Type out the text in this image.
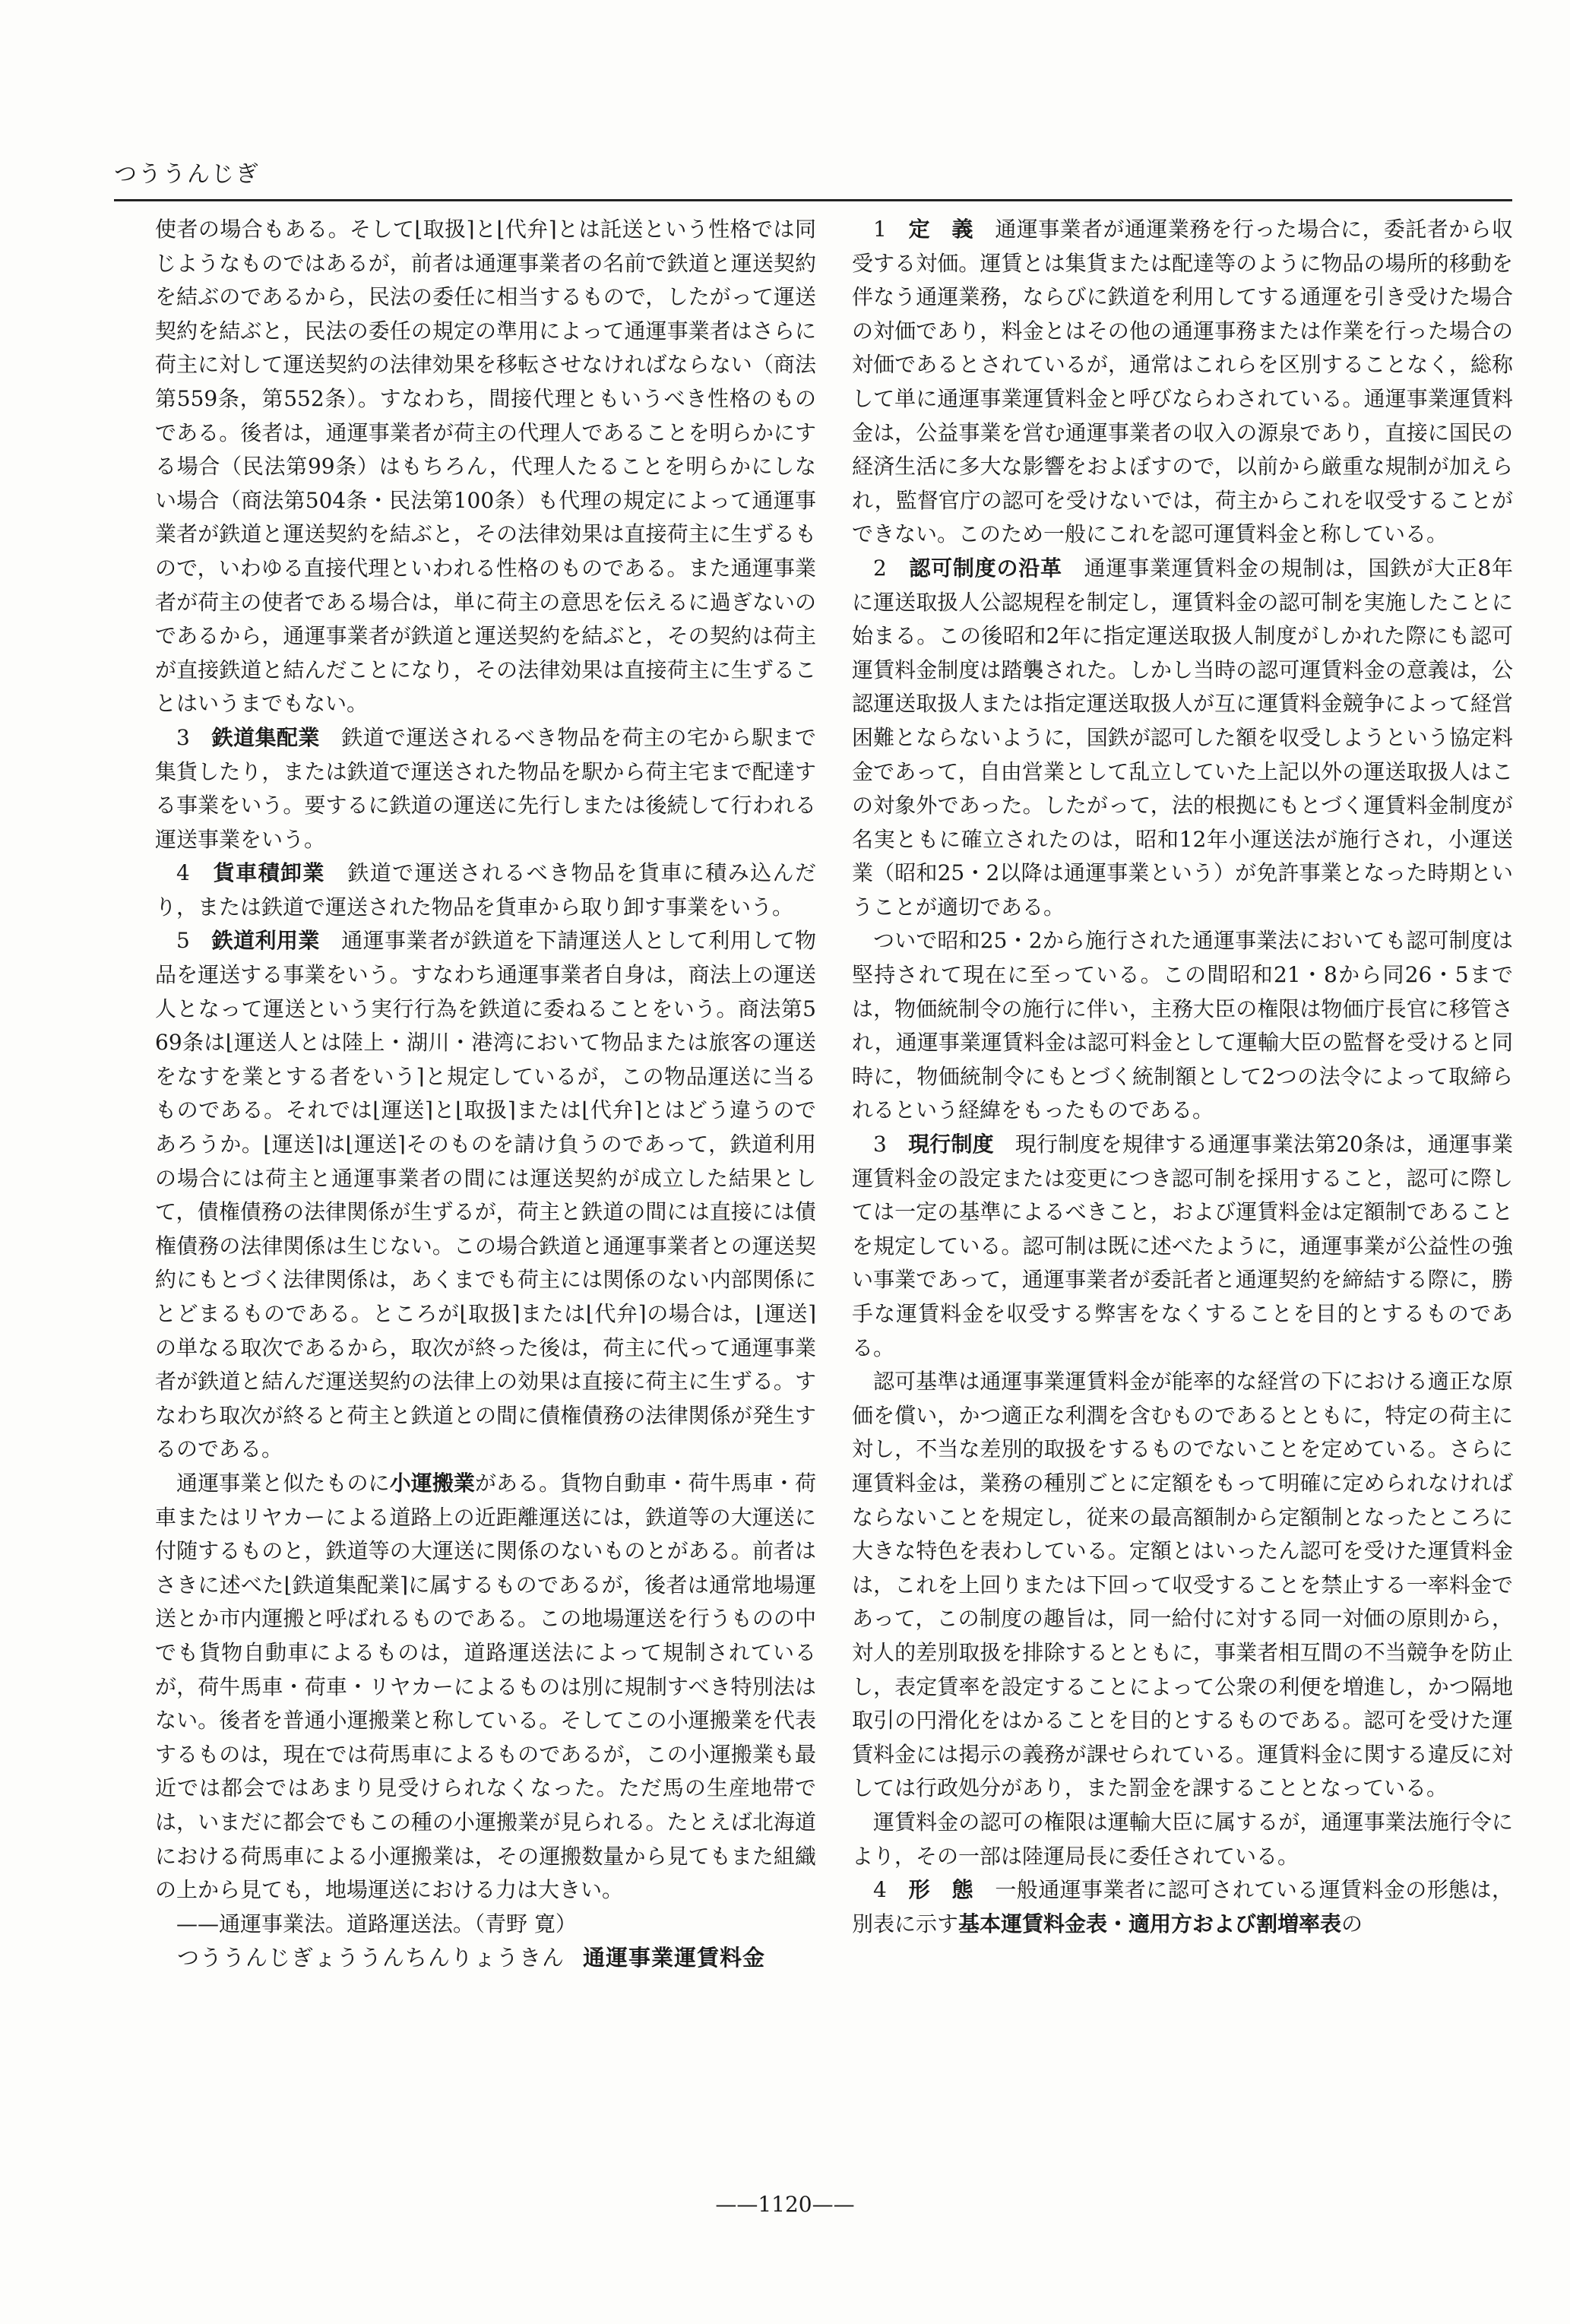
つううんじぎ

使者の場合もある。そして⌊取扱⌉と⌊代弁⌉とは託送という性格では同じようなものではあるが，前者は通運事業者の名前で鉄道と運送契約を結ぶのであるから，民法の委任に相当するもので，したがって運送契約を結ぶと，民法の委任の規定の準用によって通運事業者はさらに荷主に対して運送契約の法律効果を移転させなければならない（商法第559条，第552条）。すなわち，間接代理ともいうべき性格のものである。後者は，通運事業者が荷主の代理人であることを明らかにする場合（民法第99条）はもちろん，代理人たることを明らかにしない場合（商法第504条・民法第100条）も代理の規定によって通運事業者が鉄道と運送契約を結ぶと，その法律効果は直接荷主に生ずるもので，いわゆる直接代理といわれる性格のものである。また通運事業者が荷主の使者である場合は，単に荷主の意思を伝えるに過ぎないのであるから，通運事業者が鉄道と運送契約を結ぶと，その契約は荷主が直接鉄道と結んだことになり，その法律効果は直接荷主に生ずることはいうまでもない。

3　 鉄道集配業　 鉄道で運送されるべき物品を荷主の宅から駅まで集貨したり，または鉄道で運送された物品を駅から荷主宅まで配達する事業をいう。要するに鉄道の運送に先行しまたは後続して行われる運送事業をいう。

4　 貨車積卸業　 鉄道で運送されるべき物品を貨車に積み込んだり，または鉄道で運送された物品を貨車から取り卸す事業をいう。

5　 鉄道利用業　 通運事業者が鉄道を下請運送人として利用して物品を運送する事業をいう。すなわち通運事業者自身は，商法上の運送人となって運送という実行行為を鉄道に委ねることをいう。商法第569条は⌊運送人とは陸上・湖川・港湾において物品または旅客の運送をなすを業とする者をいう⌉と規定しているが，この物品運送に当るものである。それでは⌊運送⌉と⌊取扱⌉または⌊代弁⌉とはどう違うのであろうか。⌊運送⌉は⌊運送⌉そのものを請け負うのであって，鉄道利用の場合には荷主と通運事業者の間には運送契約が成立した結果として，債権債務の法律関係が生ずるが，荷主と鉄道の間には直接には債権債務の法律関係は生じない。この場合鉄道と通運事業者との運送契約にもとづく法律関係は，あくまでも荷主には関係のない内部関係にとどまるものである。ところが⌊取扱⌉または⌊代弁⌉の場合は，⌊運送⌉の単なる取次であるから，取次が終った後は，荷主に代って通運事業者が鉄道と結んだ運送契約の法律上の効果は直接に荷主に生ずる。すなわち取次が終ると荷主と鉄道との間に債権債務の法律関係が発生するのである。

通運事業と似たものに小運搬業がある。貨物自動車・荷牛馬車・荷車またはリヤカーによる道路上の近距離運送には，鉄道等の大運送に付随するものと，鉄道等の大運送に関係のないものとがある。前者はさきに述べた⌊鉄道集配業⌉に属するものであるが，後者は通常地場運送とか市内運搬と呼ばれるものである。この地場運送を行うものの中でも貨物自動車によるものは，道路運送法によって規制されているが，荷牛馬車・荷車・リヤカーによるものは別に規制すべき特別法はない。後者を普通小運搬業と称している。そしてこの小運搬業を代表するものは，現在では荷馬車によるものであるが，この小運搬業も最近では都会ではあまり見受けられなくなった。ただ馬の生産地帯では，いまだに都会でもこの種の小運搬業が見られる。たとえば北海道における荷馬車による小運搬業は，その運搬数量から見てもまた組織の上から見ても，地場運送における力は大きい。

——通運事業法。道路運送法。（青野 寛）

つううんじぎょううんちんりょうきん 通運事業運賃料金

1　 定　義　 通運事業者が通運業務を行った場合に，委託者から収受する対価。運賃とは集貨または配達等のように物品の場所的移動を伴なう通運業務，ならびに鉄道を利用してする通運を引き受けた場合の対価であり，料金とはその他の通運事務または作業を行った場合の対価であるとされているが，通常はこれらを区別することなく，総称して単に通運事業運賃料金と呼びならわされている。通運事業運賃料金は，公益事業を営む通運事業者の収入の源泉であり，直接に国民の経済生活に多大な影響をおよぼすので，以前から厳重な規制が加えられ，監督官庁の認可を受けないでは，荷主からこれを収受することができない。このため一般にこれを認可運賃料金と称している。

2　 認可制度の沿革　 通運事業運賃料金の規制は，国鉄が大正8年に運送取扱人公認規程を制定し，運賃料金の認可制を実施したことに始まる。この後昭和2年に指定運送取扱人制度がしかれた際にも認可運賃料金制度は踏襲された。しかし当時の認可運賃料金の意義は，公認運送取扱人または指定運送取扱人が互に運賃料金競争によって経営困難とならないように，国鉄が認可した額を収受しようという協定料金であって，自由営業として乱立していた上記以外の運送取扱人はこの対象外であった。したがって，法的根拠にもとづく運賃料金制度が名実ともに確立されたのは，昭和12年小運送法が施行され，小運送業（昭和25・2以降は通運事業という）が免許事業となった時期ということが適切である。

ついで昭和25・2から施行された通運事業法においても認可制度は堅持されて現在に至っている。この間昭和21・8から同26・5までは，物価統制令の施行に伴い，主務大臣の権限は物価庁長官に移管され，通運事業運賃料金は認可料金として運輸大臣の監督を受けると同時に，物価統制令にもとづく統制額として2つの法令によって取締られるという経緯をもったものである。

3　 現行制度　 現行制度を規律する通運事業法第20条は，通運事業運賃料金の設定または変更につき認可制を採用すること，認可に際しては一定の基準によるべきこと，および運賃料金は定額制であることを規定している。認可制は既に述べたように，通運事業が公益性の強い事業であって，通運事業者が委託者と通運契約を締結する際に，勝手な運賃料金を収受する弊害をなくすることを目的とするものである。

認可基準は通運事業運賃料金が能率的な経営の下における適正な原価を償い，かつ適正な利潤を含むものであるとともに，特定の荷主に対し，不当な差別的取扱をするものでないことを定めている。さらに運賃料金は，業務の種別ごとに定額をもって明確に定められなければならないことを規定し，従来の最高額制から定額制となったところに大きな特色を表わしている。定額とはいったん認可を受けた運賃料金は，これを上回りまたは下回って収受することを禁止する一率料金であって，この制度の趣旨は，同一給付に対する同一対価の原則から，対人的差別取扱を排除するとともに，事業者相互間の不当競争を防止し，表定賃率を設定することによって公衆の利便を増進し，かつ隔地取引の円滑化をはかることを目的とするものである。認可を受けた運賃料金には掲示の義務が課せられている。運賃料金に関する違反に対しては行政処分があり，また罰金を課することとなっている。

運賃料金の認可の権限は運輸大臣に属するが，通運事業法施行令により，その一部は陸運局長に委任されている。

4　 形　態　 一般通運事業者に認可されている運賃料金の形態は，別表に示す基本運賃料金表・適用方および割増率表の

——1120——
